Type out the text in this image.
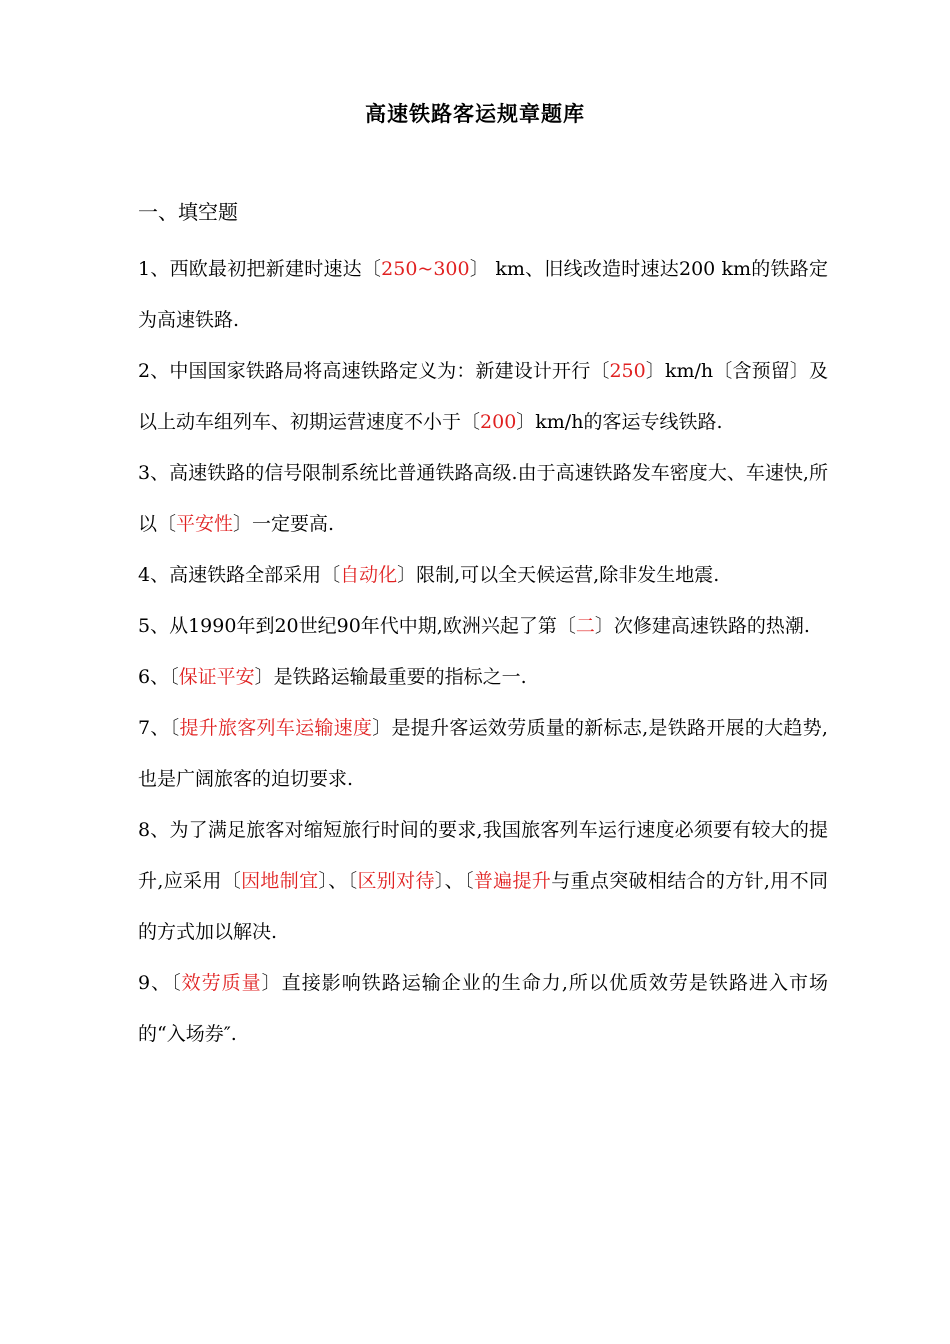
高速铁路客运规章题库
一、填空题

1、西欧最初把新建时速达〔250~300〕 km、旧线改造时速达200 km的铁路定为高速铁路.

2、中国国家铁路局将高速铁路定义为：新建设计开行〔250〕km/h〔含预留〕及以上动车组列车、初期运营速度不小于〔200〕km/h的客运专线铁路.

3、高速铁路的信号限制系统比普通铁路高级.由于高速铁路发车密度大、车速快,所以〔平安性〕一定要高.

4、高速铁路全部采用〔自动化〕限制,可以全天候运营,除非发生地震.

5、从1990年到20世纪90年代中期,欧洲兴起了第〔二〕次修建高速铁路的热潮.

6、〔保证平安〕是铁路运输最重要的指标之一.

7、〔提升旅客列车运输速度〕是提升客运效劳质量的新标志,是铁路开展的大趋势,也是广阔旅客的迫切要求.

8、为了满足旅客对缩短旅行时间的要求,我国旅客列车运行速度必须要有较大的提升,应采用〔因地制宜〕、〔区别对待〕、〔普遍提升与重点突破相结合的方针,用不同的方式加以解决.

9、〔效劳质量〕直接影响铁路运输企业的生命力,所以优质效劳是铁路进入市场的“入场券″.
